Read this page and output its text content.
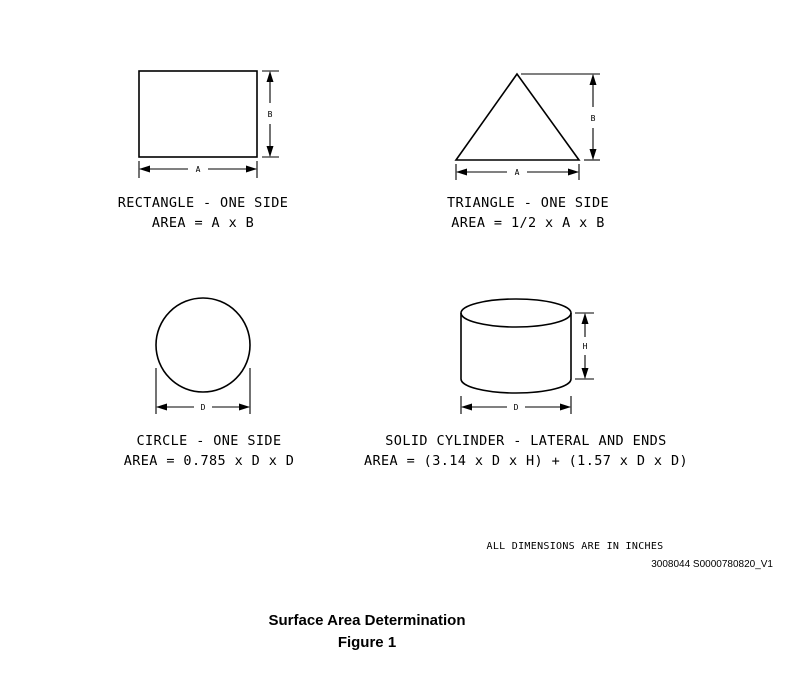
B
A
RECTANGLE - ONE SIDE
AREA = A x B
B
A
TRIANGLE - ONE SIDE
AREA = 1/2 x A x B
D
CIRCLE - ONE SIDE
AREA = 0.785 x D x D
H
D
SOLID CYLINDER - LATERAL AND ENDS
AREA = (3.14 x D x H) + (1.57 x D x D)
ALL DIMENSIONS ARE IN INCHES
3008044 S0000780820_V1
Surface Area Determination
Figure 1
